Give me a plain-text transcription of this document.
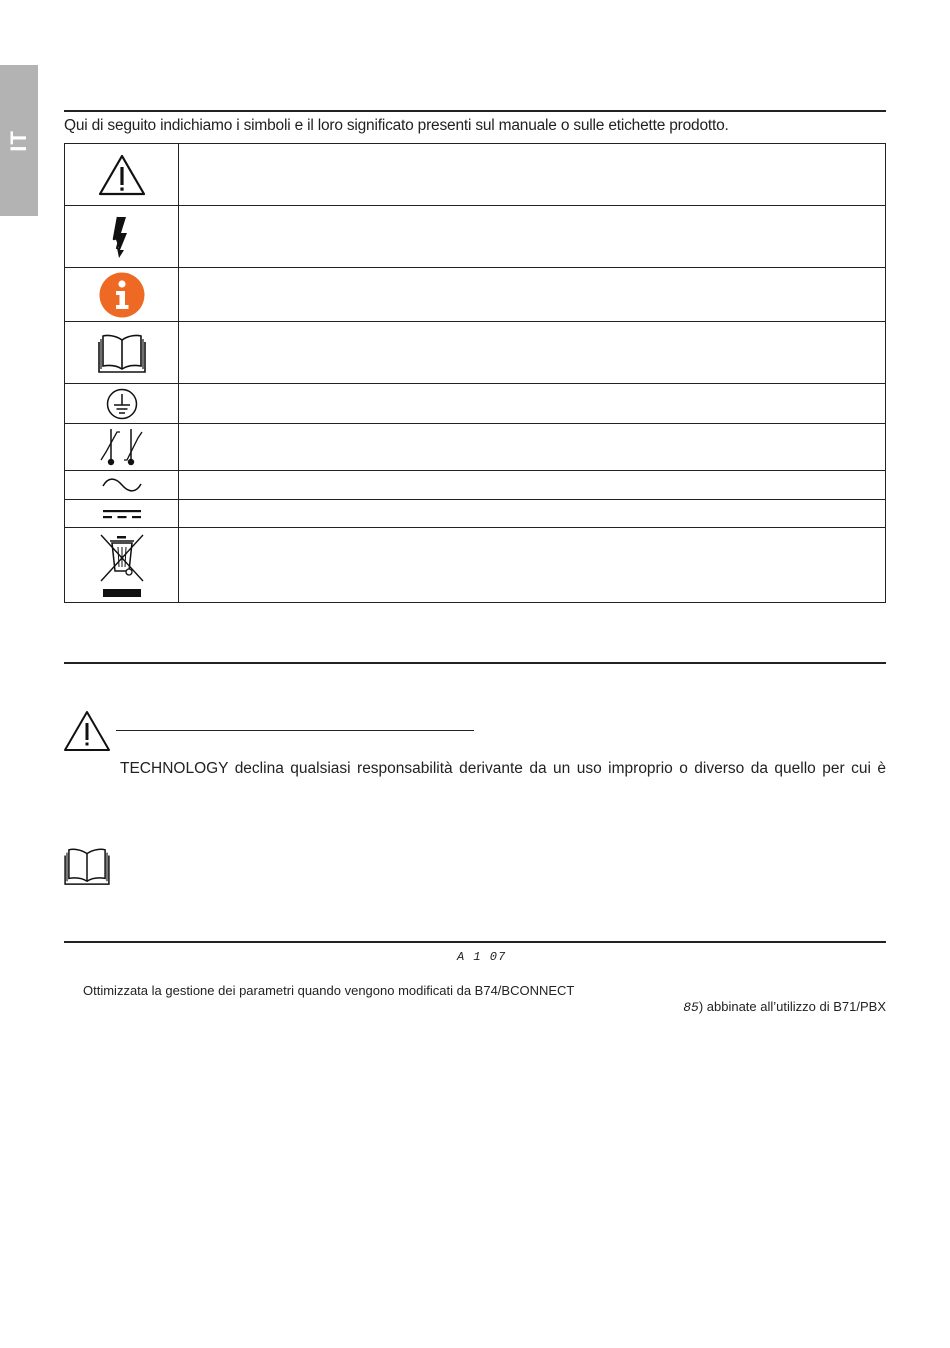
IT
Qui di seguito indichiamo i simboli e il loro significato presenti sul manuale o sulle etichette prodotto.

TECHNOLOGY declina qualsiasi responsabilità derivante da un uso improprio o diverso da quello per cui è
A 1 07
Ottimizzata la gestione dei parametri quando vengono modificati da B74/BCONNECT
85) abbinate all’utilizzo di B71/PBX
